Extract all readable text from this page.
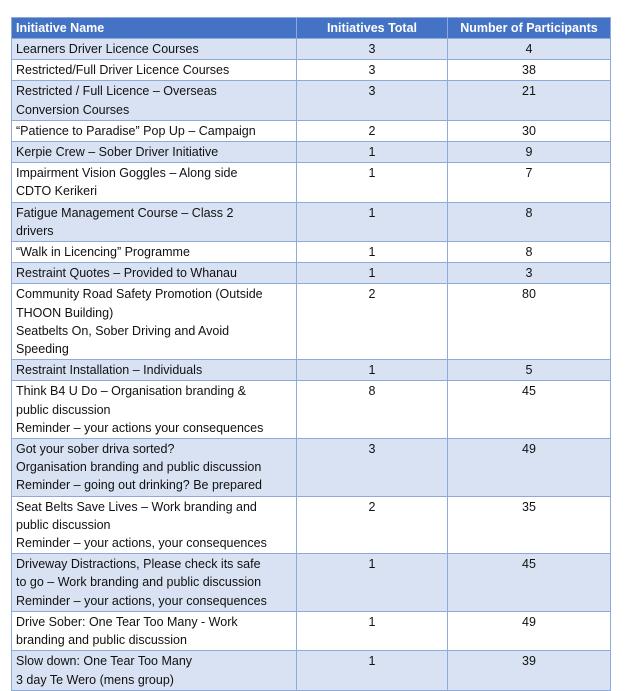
Initiative Name	Initiatives Total	Number of Participants

Learners Driver Licence Courses	3	4

Restricted/Full Driver Licence Courses	3	38

Restricted / Full Licence – Overseas
Conversion Courses	3	21

“Patience to Paradise” Pop Up – Campaign	2	30

Kerpie Crew – Sober Driver Initiative	1	9

Impairment Vision Goggles – Along side
CDTO Kerikeri	1	7

Fatigue Management Course – Class 2
drivers	1	8

“Walk in Licencing” Programme	1	8

Restraint Quotes – Provided to Whanau	1	3

Community Road Safety Promotion (Outside
THOON Building)
Seatbelts On, Sober Driving and Avoid
Speeding	2	80

Restraint Installation – Individuals	1	5

Think B4 U Do – Organisation branding &
public discussion
Reminder – your actions your consequences	8	45

Got your sober driva sorted?
Organisation branding and public discussion
Reminder – going out drinking? Be prepared	3	49

Seat Belts Save Lives – Work branding and
public discussion
Reminder – your actions, your consequences	2	35

Driveway Distractions, Please check its safe
to go – Work branding and public discussion
Reminder – your actions, your consequences	1	45

Drive Sober: One Tear Too Many - Work
branding and public discussion	1	49

Slow down: One Tear Too Many
3 day Te Wero (mens group)	1	39
